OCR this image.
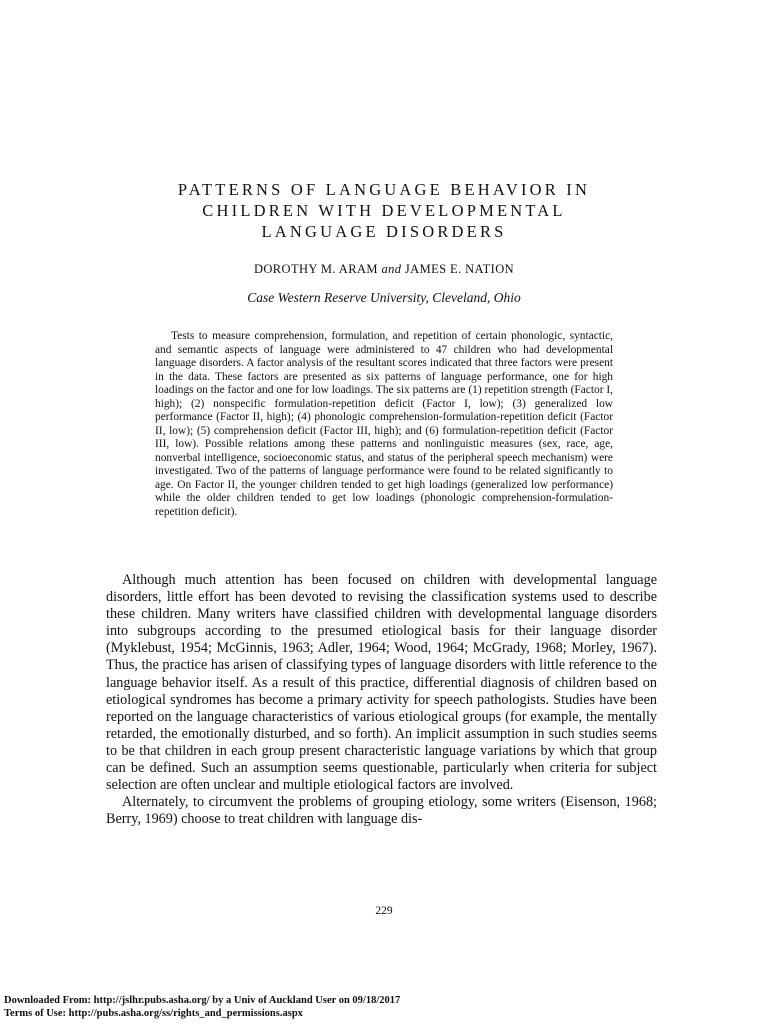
PATTERNS OF LANGUAGE BEHAVIOR IN
CHILDREN WITH DEVELOPMENTAL
LANGUAGE DISORDERS
DOROTHY M. ARAM and JAMES E. NATION
Case Western Reserve University, Cleveland, Ohio

Tests to measure comprehension, formulation, and repetition of certain phonologic, syntactic, and semantic aspects of language were administered to 47 children who had developmental language disorders. A factor analysis of the resultant scores indicated that three factors were present in the data. These factors are presented as six patterns of language performance, one for high loadings on the factor and one for low loadings. The six patterns are (1) repetition strength (Factor I, high); (2) nonspecific formulation-repetition deficit (Factor I, low); (3) generalized low performance (Factor II, high); (4) phonologic comprehension-formulation-repetition deficit (Factor II, low); (5) comprehension deficit (Factor III, high); and (6) formulation-repetition deficit (Factor III, low). Possible relations among these patterns and nonlinguistic measures (sex, race, age, nonverbal intelligence, socioeconomic status, and status of the peripheral speech mechanism) were investigated. Two of the patterns of language performance were found to be related significantly to age. On Factor II, the younger children tended to get high loadings (generalized low performance) while the older children tended to get low loadings (phonologic comprehension-formulation-repetition deficit).

Although much attention has been focused on children with developmental language disorders, little effort has been devoted to revising the classification systems used to describe these children. Many writers have classified children with developmental language disorders into subgroups according to the presumed etiological basis for their language disorder (Myklebust, 1954; McGinnis, 1963; Adler, 1964; Wood, 1964; McGrady, 1968; Morley, 1967). Thus, the practice has arisen of classifying types of language disorders with little reference to the language behavior itself. As a result of this practice, differential diagnosis of children based on etiological syndromes has become a primary activity for speech pathologists. Studies have been reported on the language characteristics of various etiological groups (for example, the mentally retarded, the emotionally disturbed, and so forth). An implicit assumption in such studies seems to be that children in each group present characteristic language variations by which that group can be defined. Such an assumption seems questionable, particularly when criteria for subject selection are often unclear and multiple etiological factors are involved.

Alternately, to circumvent the problems of grouping etiology, some writers (Eisenson, 1968; Berry, 1969) choose to treat children with language dis-

229
Downloaded From: http://jslhr.pubs.asha.org/ by a Univ of Auckland User on 09/18/2017
Terms of Use: http://pubs.asha.org/ss/rights_and_permissions.aspx
